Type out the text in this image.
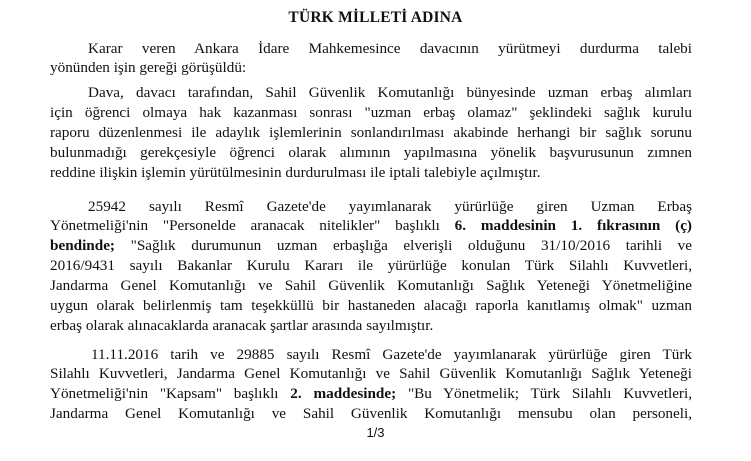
TÜRK MİLLETİ ADINA
Karar veren Ankara İdare Mahkemesince davacının yürütmeyi durdurma talebi
yönünden işin gereği görüşüldü:
Dava, davacı tarafından, Sahil Güvenlik Komutanlığı bünyesinde uzman erbaş alımları
için öğrenci olmaya hak kazanması sonrası "uzman erbaş olamaz" şeklindeki sağlık kurulu
raporu düzenlenmesi ile adaylık işlemlerinin sonlandırılması akabinde herhangi bir sağlık sorunu
bulunmadığı gerekçesiyle öğrenci olarak alımının yapılmasına yönelik başvurusunun zımnen
reddine ilişkin işlemin yürütülmesinin durdurulması ile iptali talebiyle açılmıştır.
25942 sayılı Resmî Gazete'de yayımlanarak yürürlüğe giren Uzman Erbaş
Yönetmeliği'nin "Personelde aranacak nitelikler" başlıklı 6. maddesinin 1. fıkrasının (ç)
bendinde; "Sağlık durumunun uzman erbaşlığa elverişli olduğunu 31/10/2016 tarihli ve
2016/9431 sayılı Bakanlar Kurulu Kararı ile yürürlüğe konulan Türk Silahlı Kuvvetleri,
Jandarma Genel Komutanlığı ve Sahil Güvenlik Komutanlığı Sağlık Yeteneği Yönetmeliğine
uygun olarak belirlenmiş tam teşekküllü bir hastaneden alacağı raporla kanıtlamış olmak" uzman
erbaş olarak alınacaklarda aranacak şartlar arasında sayılmıştır.
11.11.2016 tarih ve 29885 sayılı Resmî Gazete'de yayımlanarak yürürlüğe giren Türk
Silahlı Kuvvetleri, Jandarma Genel Komutanlığı ve Sahil Güvenlik Komutanlığı Sağlık Yeteneği
Yönetmeliği'nin "Kapsam" başlıklı 2. maddesinde; "Bu Yönetmelik; Türk Silahlı Kuvvetleri,
Jandarma Genel Komutanlığı ve Sahil Güvenlik Komutanlığı mensubu olan personeli,
1/3
